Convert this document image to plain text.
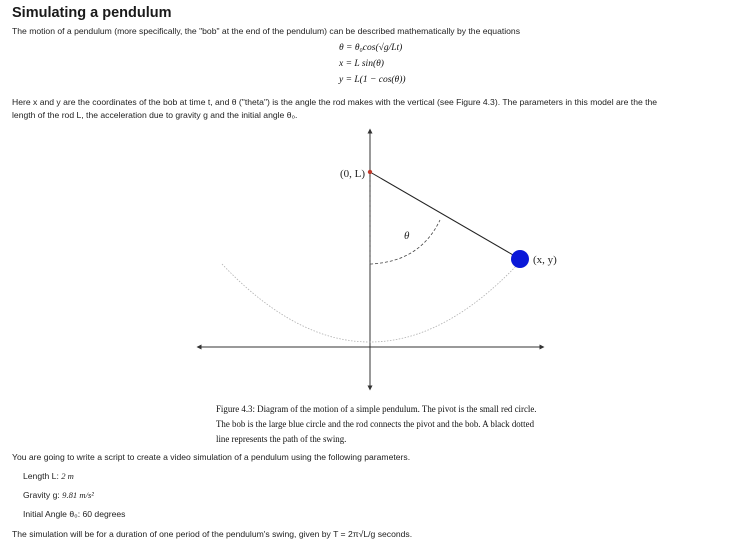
Simulating a pendulum
The motion of a pendulum (more specifically, the "bob" at the end of the pendulum) can be described mathematically by the equations
θ = θ₀cos(√g/Lt)
x = L sin(θ)
y = L(1 − cos(θ))
Here x and y are the coordinates of the bob at time t, and θ ("theta") is the angle the rod makes with the vertical (see Figure 4.3). The parameters in this model are the the
length of the rod L, the acceleration due to gravity g and the initial angle θ₀.
(0, L)
θ
(x, y)
Figure 4.3: Diagram of the motion of a simple pendulum. The pivot is the small red circle. The bob is the large blue circle and the rod connects the pivot and the bob. A black dotted line represents the path of the swing.
You are going to write a script to create a video simulation of a pendulum using the following parameters.
Length L: 2 m
Gravity g: 9.81 m/s²
Initial Angle θ₀: 60 degrees
The simulation will be for a duration of one period of the pendulum's swing, given by T = 2π√L/g seconds.
